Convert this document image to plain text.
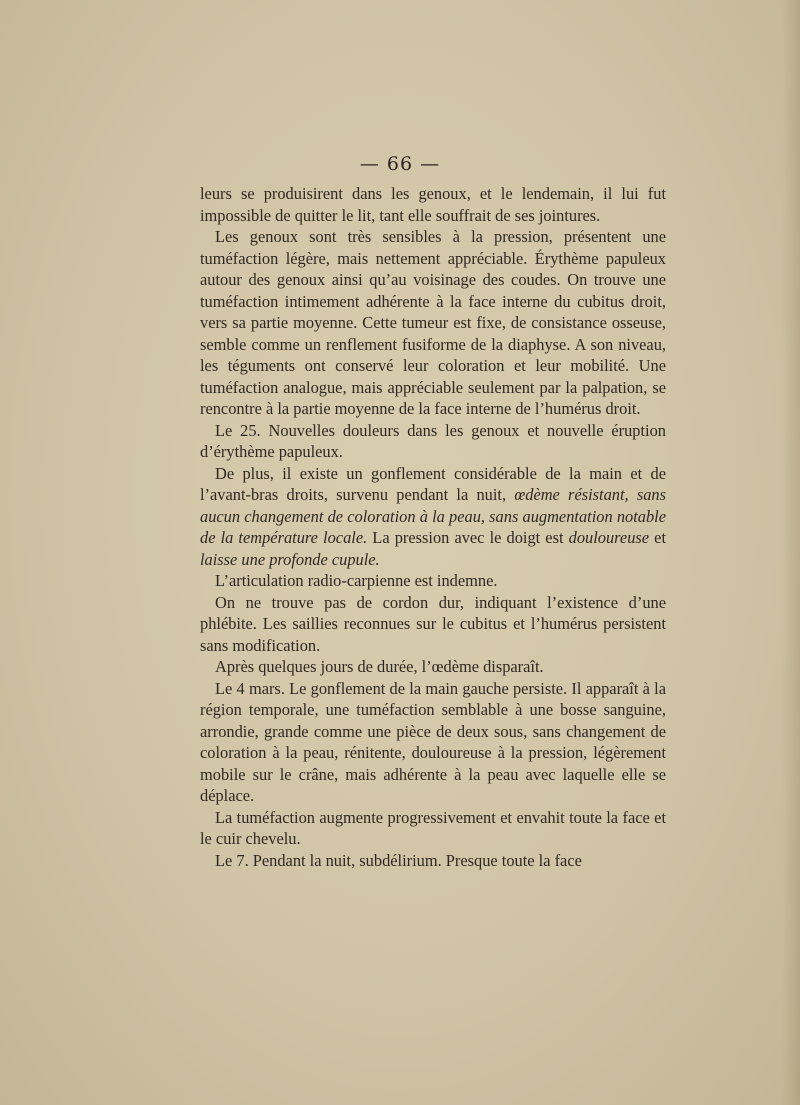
— 66 —

leurs se produisirent dans les genoux, et le lendemain, il lui fut impossible de quitter le lit, tant elle souffrait de ses jointures.

Les genoux sont très sensibles à la pression, présentent une tuméfaction légère, mais nettement appréciable. Érythème papuleux autour des genoux ainsi qu’au voisinage des coudes. On trouve une tuméfaction intimement adhérente à la face interne du cubitus droit, vers sa partie moyenne. Cette tumeur est fixe, de consistance osseuse, semble comme un renflement fusiforme de la diaphyse. A son niveau, les téguments ont conservé leur coloration et leur mobilité. Une tuméfaction analogue, mais appréciable seulement par la palpation, se rencontre à la partie moyenne de la face interne de l’humérus droit.

Le 25. Nouvelles douleurs dans les genoux et nouvelle éruption d’érythème papuleux.

De plus, il existe un gonflement considérable de la main et de l’avant-bras droits, survenu pendant la nuit, œdème résistant, sans aucun changement de coloration à la peau, sans augmentation notable de la température locale. La pression avec le doigt est douloureuse et laisse une profonde cupule.

L’articulation radio-carpienne est indemne.

On ne trouve pas de cordon dur, indiquant l’existence d’une phlébite. Les saillies reconnues sur le cubitus et l’humérus persistent sans modification.

Après quelques jours de durée, l’œdème disparaît.

Le 4 mars. Le gonflement de la main gauche persiste. Il apparaît à la région temporale, une tuméfaction semblable à une bosse sanguine, arrondie, grande comme une pièce de deux sous, sans changement de coloration à la peau, rénitente, douloureuse à la pression, légèrement mobile sur le crâne, mais adhérente à la peau avec laquelle elle se déplace.

La tuméfaction augmente progressivement et envahit toute la face et le cuir chevelu.

Le 7. Pendant la nuit, subdélirium. Presque toute la face
